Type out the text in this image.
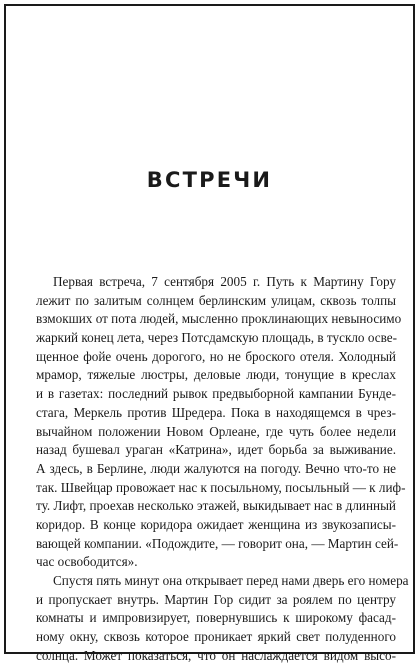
ВСТРЕЧИ

Первая встреча, 7 сентября 2005 г. Путь к Мартину Гору
лежит по залитым солнцем берлинским улицам, сквозь толпы
взмокших от пота людей, мысленно проклинающих невыносимо
жаркий конец лета, через Потсдамскую площадь, в тускло осве-
щенное фойе очень дорогого, но не броского отеля. Холодный
мрамор, тяжелые люстры, деловые люди, тонущие в креслах
и в газетах: последний рывок предвыборной кампании Бунде-
стага, Меркель против Шредера. Пока в находящемся в чрез-
вычайном положении Новом Орлеане, где чуть более недели
назад бушевал ураган «Катрина», идет борьба за выживание.
А здесь, в Берлине, люди жалуются на погоду. Вечно что-то не
так. Швейцар провожает нас к посыльному, посыльный — к лиф-
ту. Лифт, проехав несколько этажей, выкидывает нас в длинный
коридор. В конце коридора ожидает женщина из звукозаписы-
вающей компании. «Подождите, — говорит она, — Мартин сей-
час освободится».

Спустя пять минут она открывает перед нами дверь его номера
и пропускает внутрь. Мартин Гор сидит за роялем по центру
комнаты и импровизирует, повернувшись к широкому фасад-
ному окну, сквозь которое проникает яркий свет полуденного
солнца. Может показаться, что он наслаждается видом высо-
